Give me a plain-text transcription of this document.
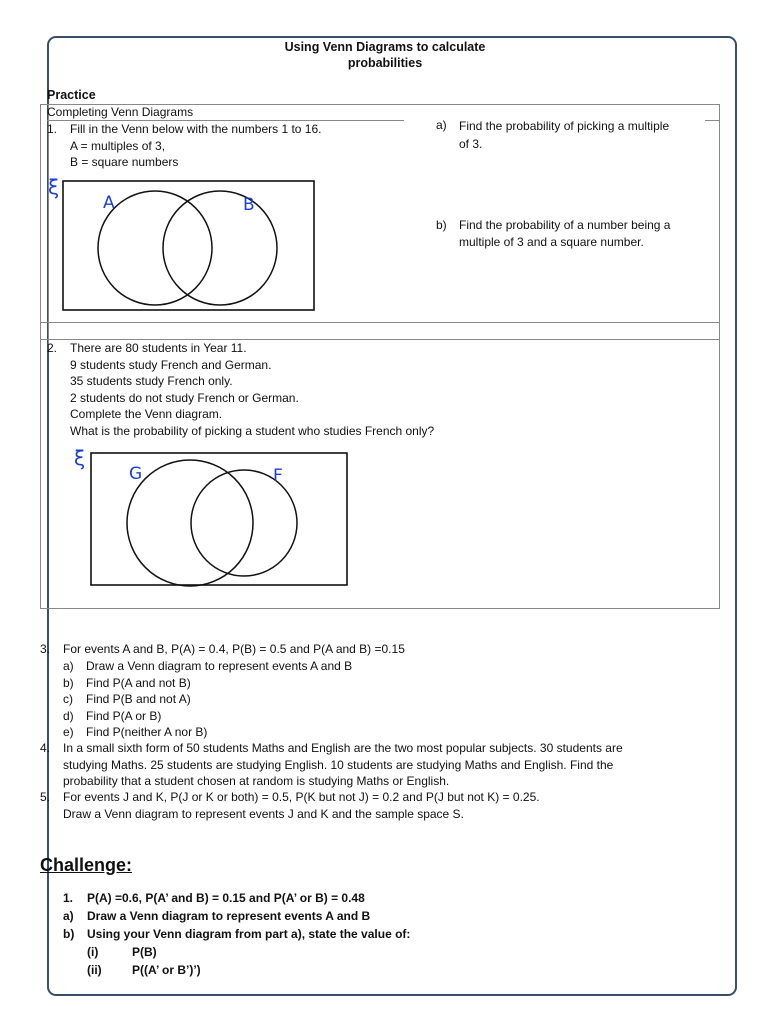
Using Venn Diagrams to calculate
probabilities
Practice
Completing Venn Diagrams
1. Fill in the Venn below with the numbers 1 to 16.
A = multiples of 3,
B = square numbers
ξ
A	B
a) Find the probability of picking a multiple
of 3.
b) Find the probability of a number being a
multiple of 3 and a square number.
2. There are 80 students in Year 11.
9 students study French and German.
35 students study French only.
2 students do not study French or German.
Complete the Venn diagram.
What is the probability of picking a student who studies French only?
ξ
G	F
3. For events A and B, P(A) = 0.4, P(B) = 0.5 and P(A and B) =0.15
a) Draw a Venn diagram to represent events A and B
b) Find P(A and not B)
c) Find P(B and not A)
d) Find P(A or B)
e) Find P(neither A nor B)
4. In a small sixth form of 50 students Maths and English are the two most popular subjects. 30 students are
studying Maths. 25 students are studying English. 10 students are studying Maths and English. Find the
probability that a student chosen at random is studying Maths or English.
5. For events J and K, P(J or K or both) = 0.5, P(K but not J) = 0.2 and P(J but not K) = 0.25.
Draw a Venn diagram to represent events J and K and the sample space S.
Challenge:
1. P(A) =0.6, P(A’ and B) = 0.15 and P(A’ or B) = 0.48
a) Draw a Venn diagram to represent events A and B
b) Using your Venn diagram from part a), state the value of:
(i)	P(B)
(ii)	P((A’ or B’)’)
